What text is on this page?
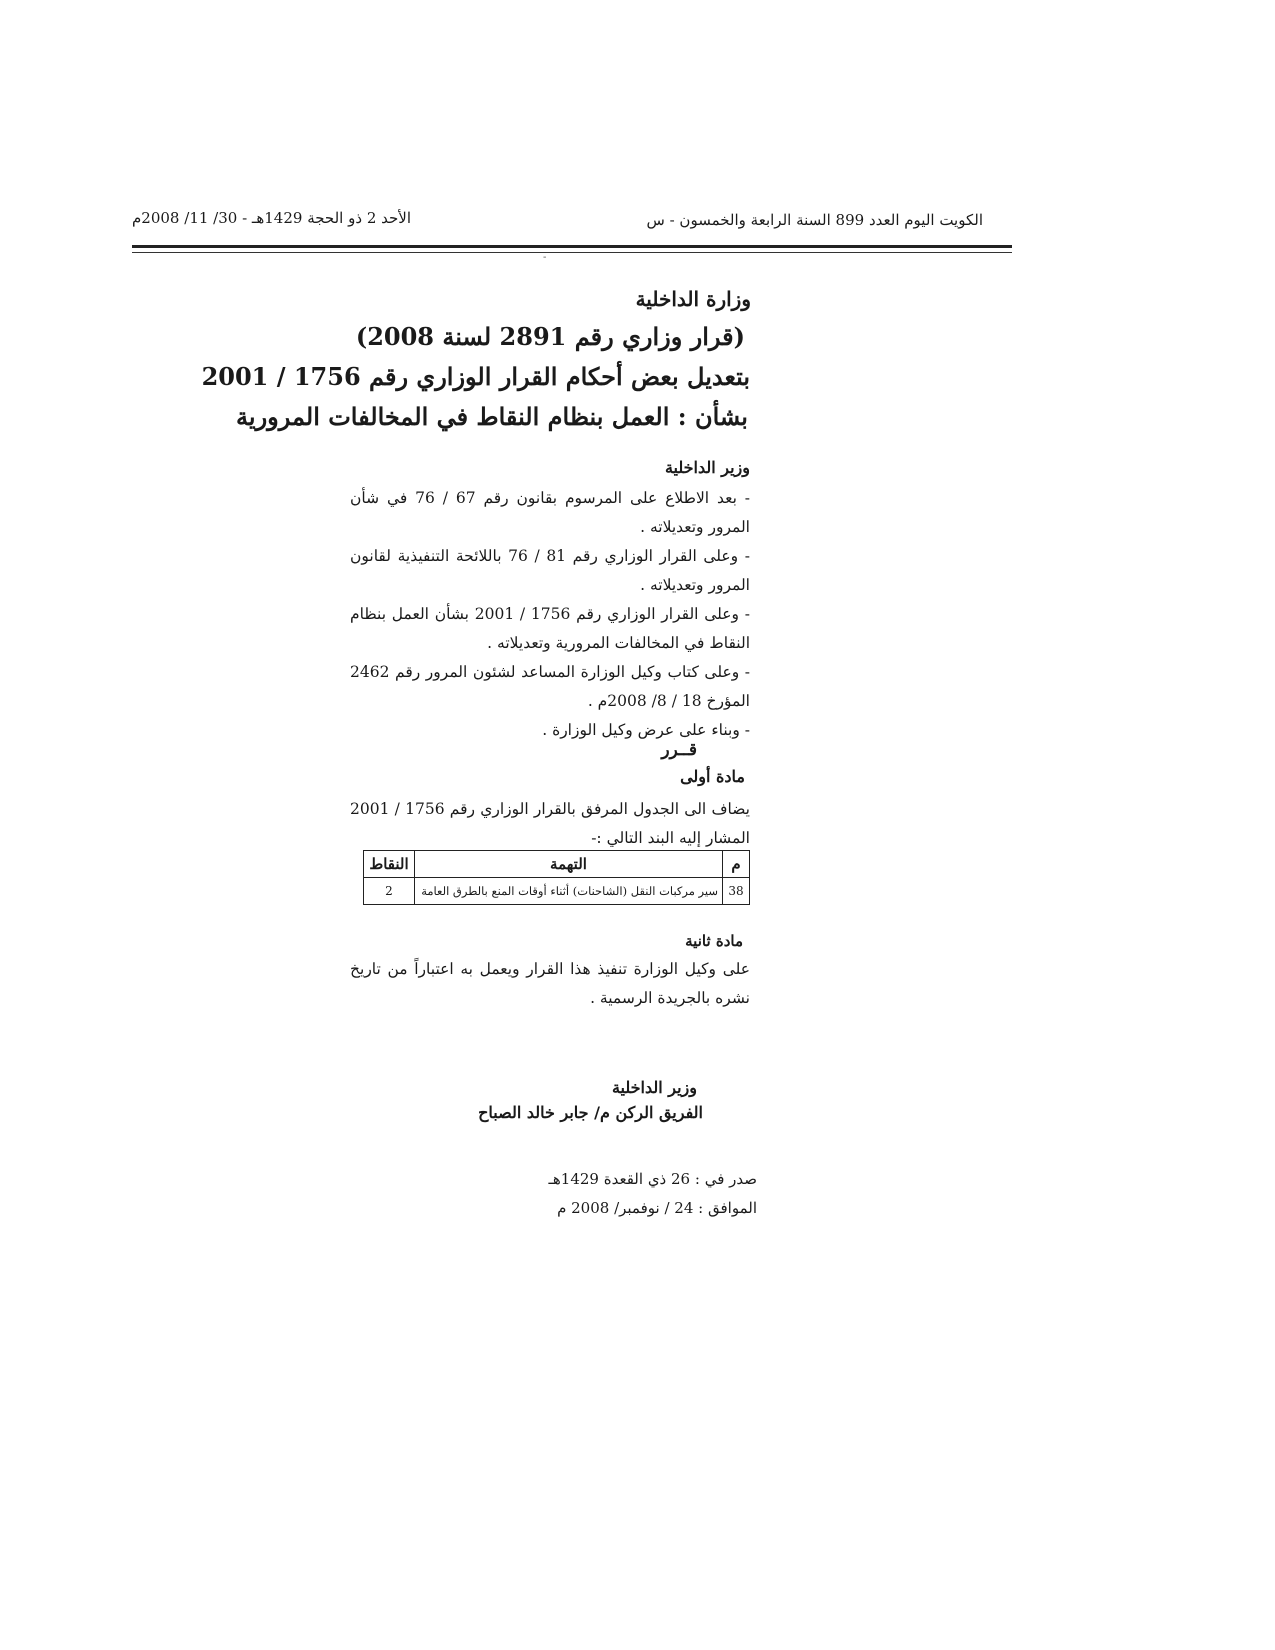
الكويت اليوم العدد 899 السنة الرابعة والخمسون - س
الأحد 2 ذو الحجة 1429هـ - 30/ 11/ 2008م
-
وزارة الداخلية
(قرار وزاري رقم 2891 لسنة 2008)
بتعديل بعض أحكام القرار الوزاري رقم 1756 / 2001
بشأن : العمل بنظام النقاط في المخالفات المرورية
وزير الداخلية
- بعد الاطلاع على المرسوم بقانون رقم 67 / 76 في شأن المرور وتعديلاته .
- وعلى القرار الوزاري رقم 81 / 76 باللائحة التنفيذية لقانون المرور وتعديلاته .
- وعلى القرار الوزاري رقم 1756 / 2001 بشأن العمل بنظام النقاط في المخالفات المرورية وتعديلاته .
- وعلى كتاب وكيل الوزارة المساعد لشئون المرور رقم 2462 المؤرخ 18 / 8/ 2008م .
- وبناء على عرض وكيل الوزارة .
قــرر
مادة أولى
يضاف الى الجدول المرفق بالقرار الوزاري رقم 1756 / 2001 المشار إليه البند التالي :-
م	التهمة	النقاط
38	سير مركبات النقل (الشاحنات) أثناء أوقات المنع بالطرق العامة	2
مادة ثانية
على وكيل الوزارة تنفيذ هذا القرار ويعمل به اعتباراً من تاريخ نشره بالجريدة الرسمية .
وزير الداخلية
الفريق الركن م/ جابر خالد الصباح
صدر في : 26 ذي القعدة 1429هـ
الموافق : 24 / نوفمبر/ 2008 م
